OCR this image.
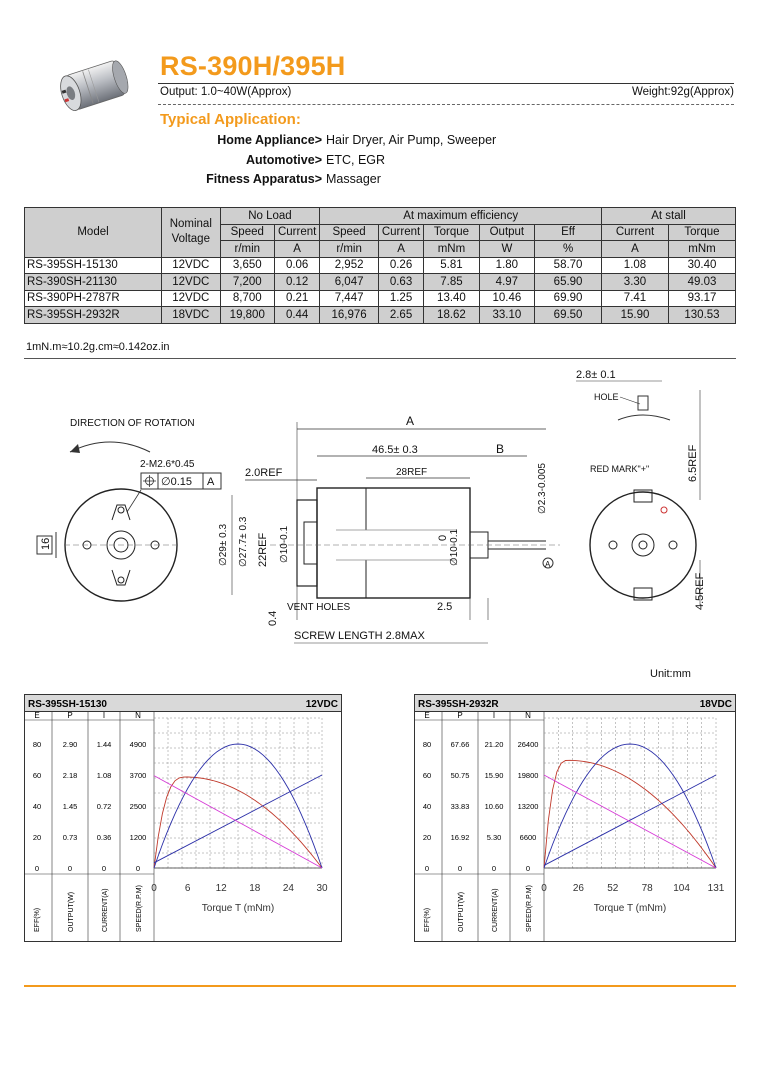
RS-390H/395H
Output: 1.0~40W(Approx)	Weight:92g(Approx)
Typical Application:
Home Appliance> Hair Dryer, Air Pump, Sweeper
Automotive> ETC, EGR
Fitness Apparatus> Massager
Model	Nominal Voltage	No Load		At maximum efficiency					At stall	
		Speed	Current	Speed	Current	Torque	Output	Eff	Current	Torque
		r/min	A	r/min	A	mNm	W	%	A	mNm
RS-395SH-15130	12VDC	3,650	0.06	2,952	0.26	5.81	1.80	58.70	1.08	30.40
RS-390SH-21130	12VDC	7,200	0.12	6,047	0.63	7.85	4.97	65.90	3.30	49.03
RS-390PH-2787R	12VDC	8,700	0.21	7,447	1.25	13.40	10.46	69.90	7.41	93.17
RS-395SH-2932R	18VDC	19,800	0.44	16,976	2.65	18.62	33.10	69.50	15.90	130.53
1mN.m≈10.2g.cm≈0.142oz.in
DIRECTION OF ROTATION
2-M2.6*0.45
∅0.15 A
16
A
46.5± 0.3	B
28REF
2.0REF	∅2.3-0.005
A
∅29± 0.3 ∅27.7± 0.3 22REF ∅10-0.1	0 ∅10-0.1
VENT HOLES	2.5
0.4
SCREW LENGTH 2.8MAX
2.8± 0.1
HOLE
RED MARK"+"	6.5REF
4.5REF
Unit:mm
RS-395SH-15130	12VDC
E	P	I	N
0
20
40
60
80
0
0.73
1.45
2.18
2.90
0
0.36
0.72
1.08
1.44
0
1200
2500
3700
4900
EFF(%)	OUTPUT(W)	CURRENT(A)	SPEED(R.P.M) 0	6	12 18 24 30
Torque T (mNm)
RS-395SH-2932R	18VDC
E	P	I	N
0
20
40
60
80
0
16.92
33.83
50.75
67.66
0
5.30
10.60
15.90
21.20
0
6600
13200
19800
26400
EFF(%)	OUTPUT(W)	CURRENT(A)	SPEED(R.P.M) 0	26 52 78 104 131
Torque T (mNm)
